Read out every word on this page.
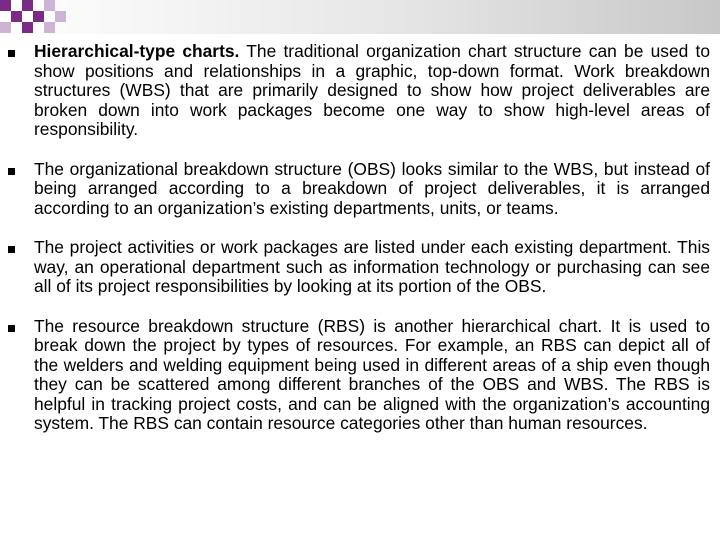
Hierarchical-type charts. The traditional organization chart structure can be used to show positions and relationships in a graphic, top-down format. Work breakdown structures (WBS) that are primarily designed to show how project deliverables are broken down into work packages become one way to show high-level areas of responsibility.

The organizational breakdown structure (OBS) looks similar to the WBS, but instead of being arranged according to a breakdown of project deliverables, it is arranged according to an organization’s existing departments, units, or teams.

The project activities or work packages are listed under each existing department. This way, an operational department such as information technology or purchasing can see all of its project responsibilities by looking at its portion of the OBS.

The resource breakdown structure (RBS) is another hierarchical chart. It is used to break down the project by types of resources. For example, an RBS can depict all of the welders and welding equipment being used in different areas of a ship even though they can be scattered among different branches of the OBS and WBS. The RBS is helpful in tracking project costs, and can be aligned with the organization’s accounting system. The RBS can contain resource categories other than human resources.
